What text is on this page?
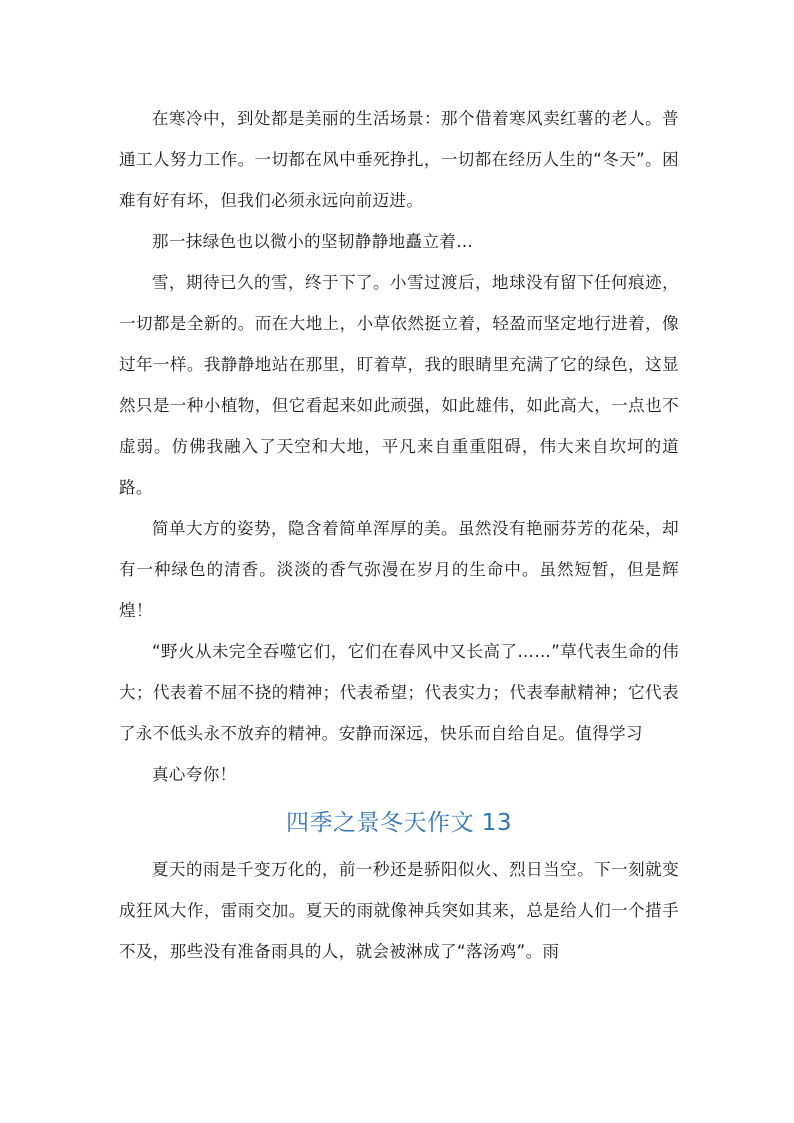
在寒冷中，到处都是美丽的生活场景：那个借着寒风卖红薯的老人。普通工人努力工作。一切都在风中垂死挣扎，一切都在经历人生的“冬天”。困难有好有坏，但我们必须永远向前迈进。

那一抹绿色也以微小的坚韧静静地矗立着…

雪，期待已久的雪，终于下了。小雪过渡后，地球没有留下任何痕迹，一切都是全新的。而在大地上，小草依然挺立着，轻盈而坚定地行进着，像过年一样。我静静地站在那里，盯着草，我的眼睛里充满了它的绿色，这显然只是一种小植物，但它看起来如此顽强，如此雄伟，如此高大，一点也不虚弱。仿佛我融入了天空和大地，平凡来自重重阻碍，伟大来自坎坷的道路。

简单大方的姿势，隐含着简单浑厚的美。虽然没有艳丽芬芳的花朵，却有一种绿色的清香。淡淡的香气弥漫在岁月的生命中。虽然短暂，但是辉煌！

“野火从未完全吞噬它们，它们在春风中又长高了……”草代表生命的伟大；代表着不屈不挠的精神；代表希望；代表实力；代表奉献精神；它代表了永不低头永不放弃的精神。安静而深远，快乐而自给自足。值得学习

真心夸你！

四季之景冬天作文 13

夏天的雨是千变万化的，前一秒还是骄阳似火、烈日当空。下一刻就变成狂风大作，雷雨交加。夏天的雨就像神兵突如其来，总是给人们一个措手不及，那些没有准备雨具的人，就会被淋成了“落汤鸡”。雨
